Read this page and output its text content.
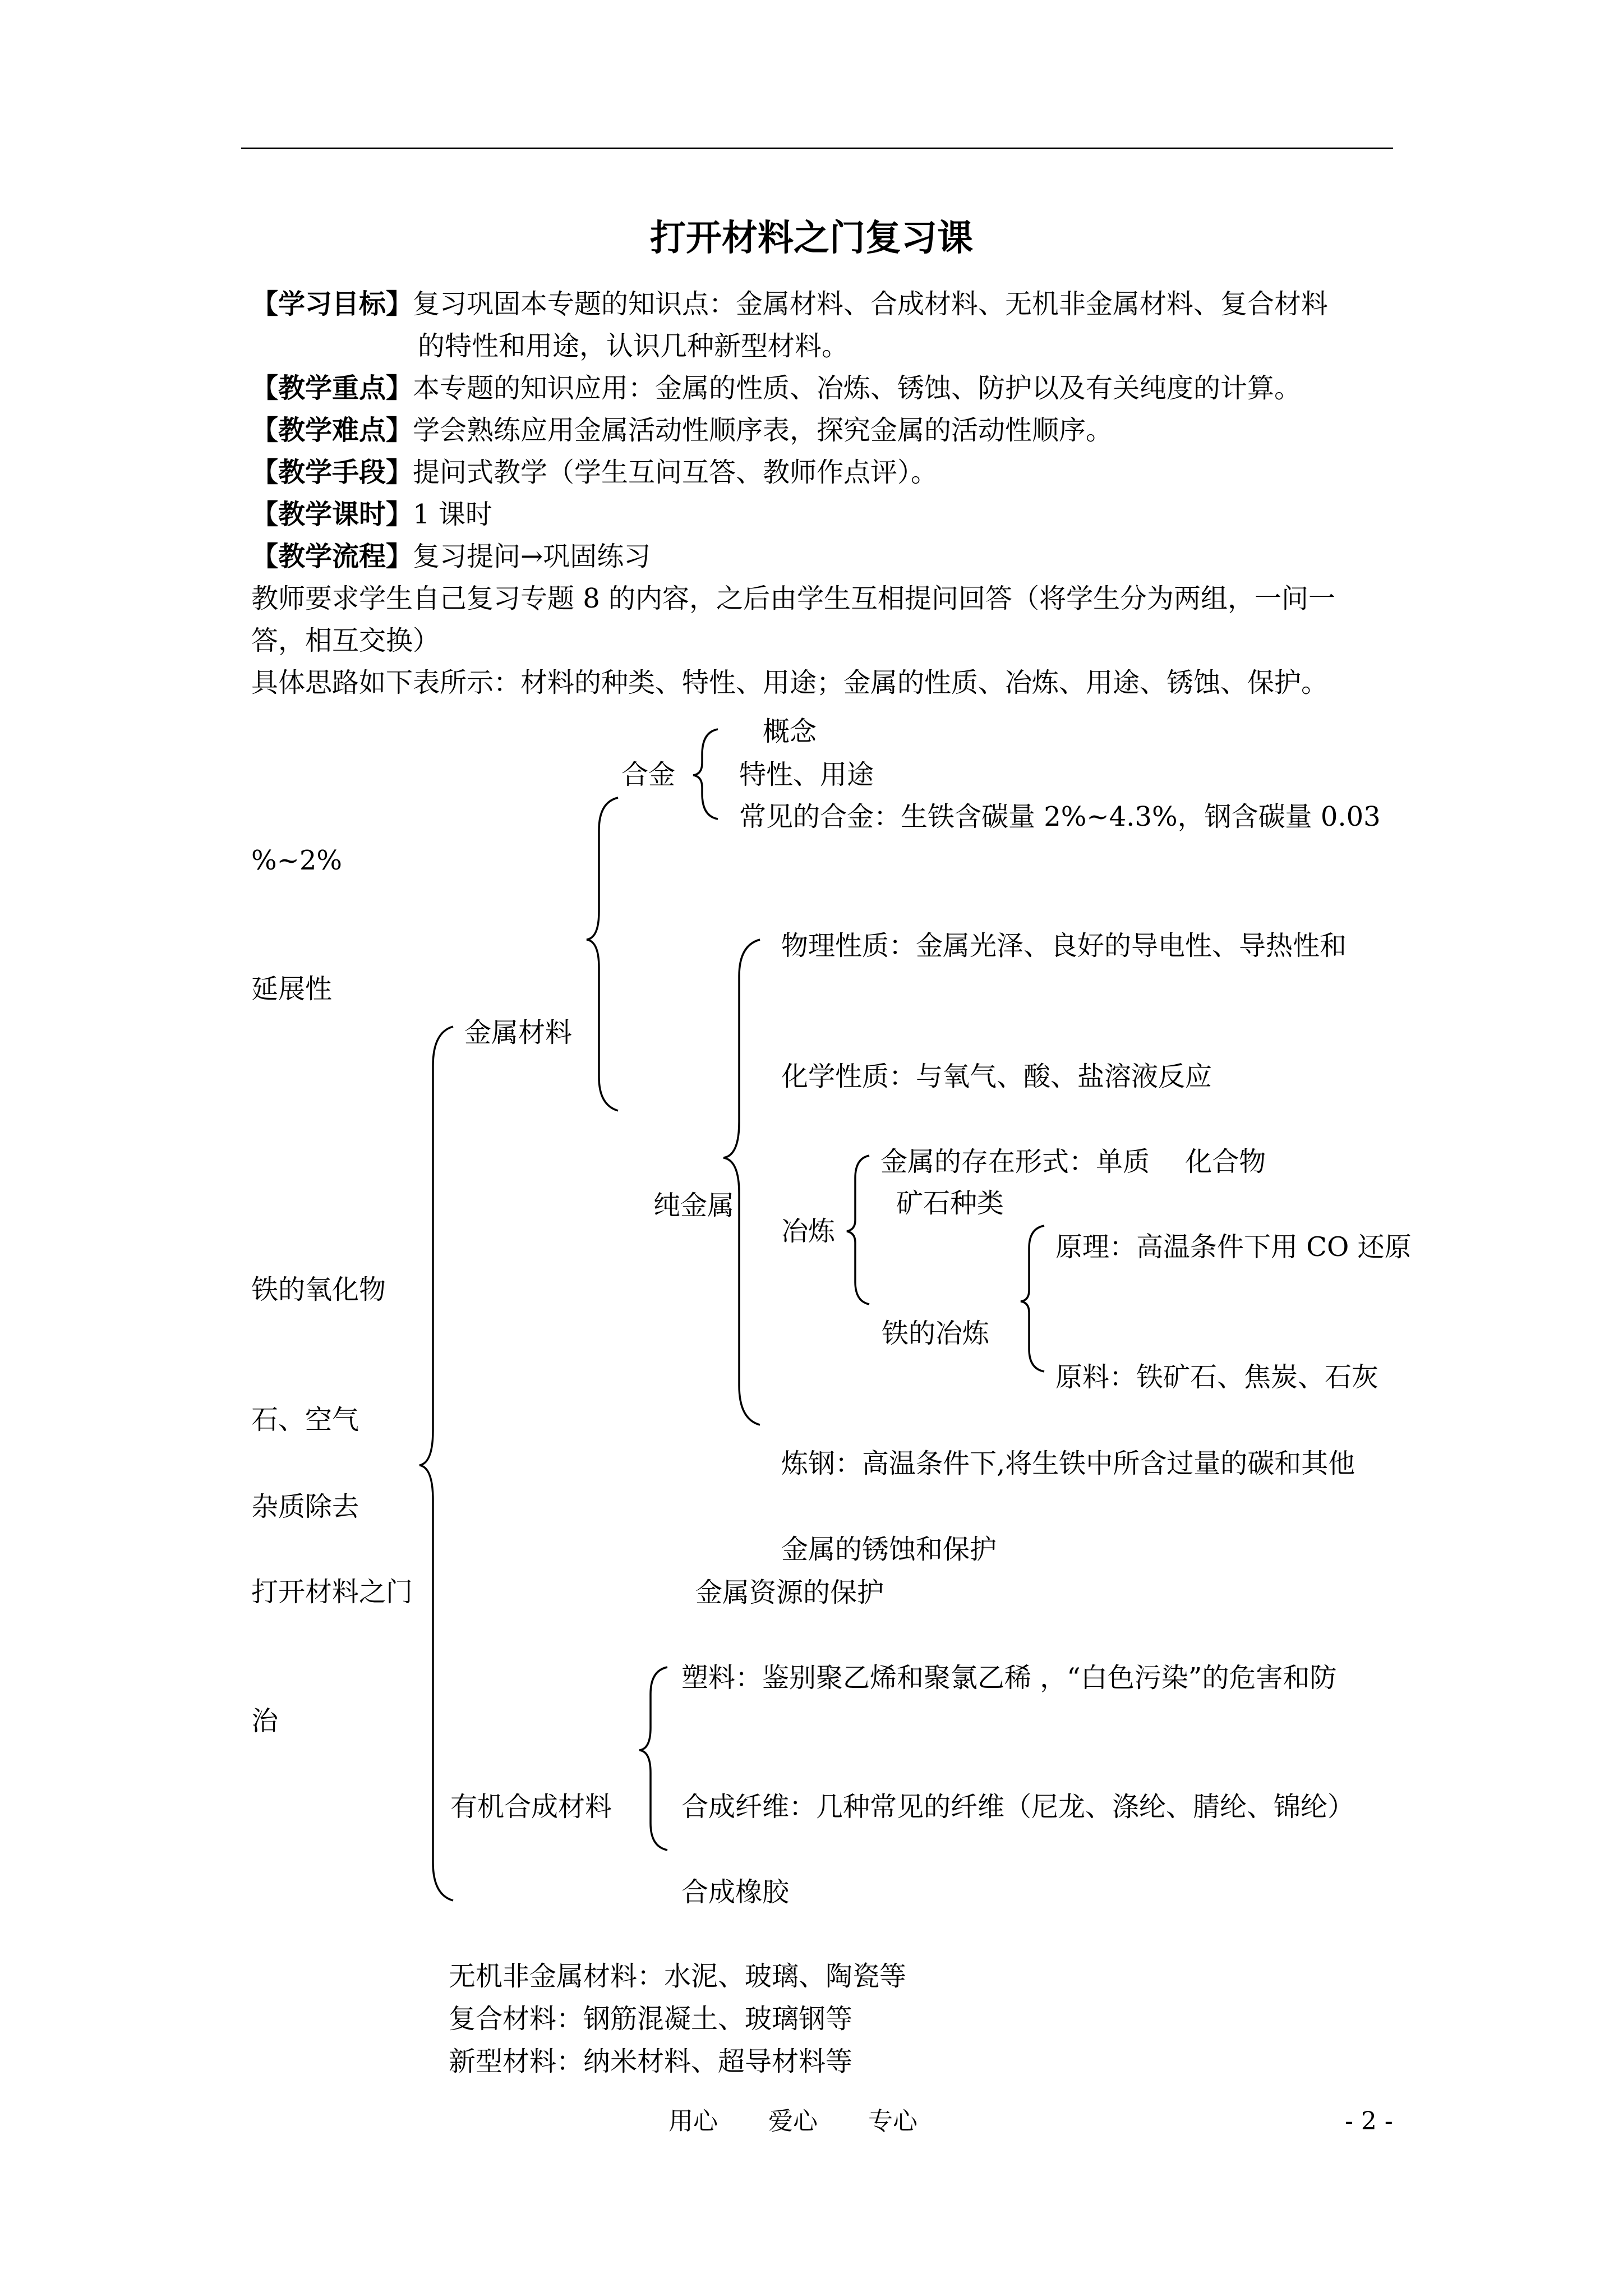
打开材料之门复习课
【学习目标】复习巩固本专题的知识点：金属材料、合成材料、无机非金属材料、复合材料
的特性和用途，认识几种新型材料。
【教学重点】本专题的知识应用：金属的性质、冶炼、锈蚀、防护以及有关纯度的计算。
【教学难点】学会熟练应用金属活动性顺序表，探究金属的活动性顺序。
【教学手段】提问式教学（学生互问互答、教师作点评）。
【教学课时】1 课时
【教学流程】复习提问→巩固练习
教师要求学生自己复习专题 8 的内容，之后由学生互相提问回答（将学生分为两组，一问一
答，相互交换）
具体思路如下表所示：材料的种类、特性、用途；金属的性质、冶炼、用途、锈蚀、保护。
概念
合金 特性、用途
常见的合金：生铁含碳量 2%~4.3%，钢含碳量 0.03
%~2%
物理性质：金属光泽、良好的导电性、导热性和
延展性
金属材料
化学性质：与氧气、酸、盐溶液反应
金属的存在形式：单质　 化合物
矿石种类
纯金属
冶炼	原理：高温条件下用 CO 还原
铁的氧化物
铁的冶炼
原料：铁矿石、焦炭、石灰
石、空气
炼钢：高温条件下,将生铁中所含过量的碳和其他
杂质除去
金属的锈蚀和保护
打开材料之门	金属资源的保护
塑料：鉴别聚乙烯和聚氯乙稀 ，“白色污染”的危害和防
治
有机合成材料	合成纤维：几种常见的纤维（尼龙、涤纶、腈纶、锦纶）
合成橡胶
无机非金属材料：水泥、玻璃、陶瓷等
复合材料：钢筋混凝土、玻璃钢等
新型材料：纳米材料、超导材料等
用心 爱心 专心	- 2 -
